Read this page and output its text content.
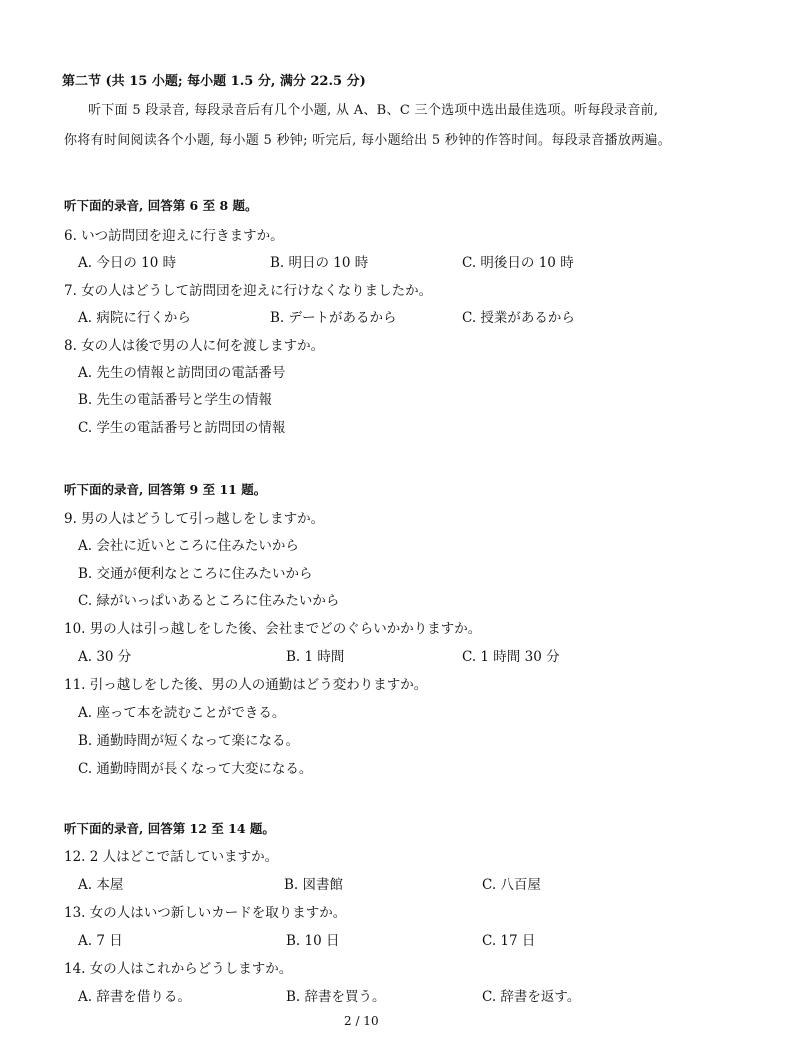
第二节 (共 15 小题; 每小题 1.5 分, 满分 22.5 分)
听下面 5 段录音, 每段录音后有几个小题, 从 A、B、C 三个选项中选出最佳选项。听每段录音前,
你将有时间阅读各个小题, 每小题 5 秒钟; 听完后, 每小题给出 5 秒钟的作答时间。每段录音播放两遍。
听下面的录音, 回答第 6 至 8 题。
6. いつ訪問団を迎えに行きますか。
A. 今日の 10 時	B. 明日の 10 時	C. 明後日の 10 時
7. 女の人はどうして訪問団を迎えに行けなくなりましたか。
A. 病院に行くから	B. デートがあるから	C. 授業があるから
8. 女の人は後で男の人に何を渡しますか。
A. 先生の情報と訪問団の電話番号
B. 先生の電話番号と学生の情報
C. 学生の電話番号と訪問団の情報
听下面的录音, 回答第 9 至 11 题。
9. 男の人はどうして引っ越しをしますか。
A. 会社に近いところに住みたいから
B. 交通が便利なところに住みたいから
C. 緑がいっぱいあるところに住みたいから
10. 男の人は引っ越しをした後、会社までどのぐらいかかりますか。
A. 30 分	B. 1 時間	C. 1 時間 30 分
11. 引っ越しをした後、男の人の通勤はどう変わりますか。
A. 座って本を読むことができる。
B. 通勤時間が短くなって楽になる。
C. 通勤時間が長くなって大変になる。
听下面的录音, 回答第 12 至 14 题。
12. 2 人はどこで話していますか。
A. 本屋	B. 図書館	C. 八百屋
13. 女の人はいつ新しいカードを取りますか。
A. 7 日	B. 10 日	C. 17 日
14. 女の人はこれからどうしますか。
A. 辞書を借りる。	B. 辞書を買う。	C. 辞書を返す。
2 / 10
